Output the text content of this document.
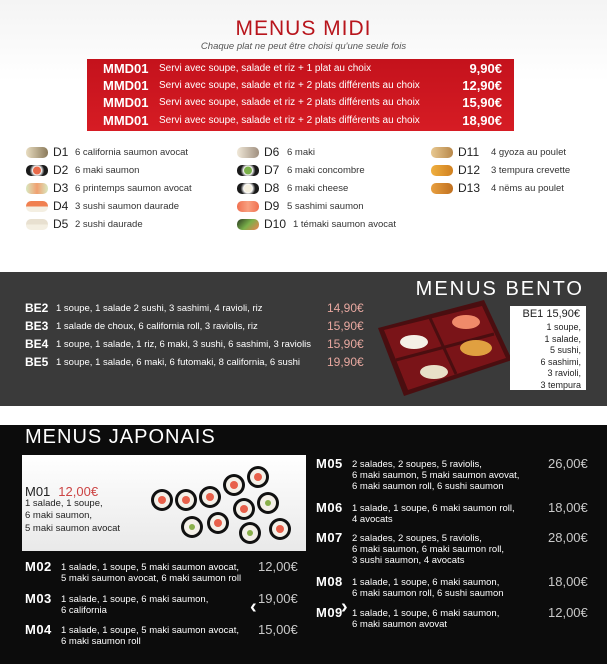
MENUS MIDI
Chaque plat ne peut être choisi qu'une seule fois
MMD01 Servi avec soupe, salade et riz + 1 plat au choix	9,90€
MMD01 Servi avec soupe, salade et riz + 2 plats différents au choix	12,90€
MMD01 Servi avec soupe, salade et riz + 2 plats différents au choix	15,90€
MMD01 Servi avec soupe, salade et riz + 2 plats différents au choix	18,90€
D1 6 california saumon avocat
D2 6 maki saumon
D3 6 printemps saumon avocat
D4 3 sushi saumon daurade
D5 2 sushi daurade
D6 6 maki
D7 6 maki concombre
D8 6 maki cheese
D9 5 sashimi saumon
D10 1 témaki saumon avocat
D11 4 gyoza au poulet
D12 3 tempura crevette
D13 4 nëms au poulet
MENUS BENTO
BE2 1 soupe, 1 salade 2 sushi, 3 sashimi, 4 ravioli, riz	14,90€
BE3 1 salade de choux, 6 california roll, 3 raviolis, riz	15,90€
BE4 1 soupe, 1 salade, 1 riz, 6 maki, 3 sushi, 6 sashimi, 3 raviolis 15,90€
BE5 1 soupe, 1 salade, 6 maki, 6 futomaki, 8 california, 6 sushi 19,90€
BE1 15,90€
1 soupe,
1 salade,
5 sushi,
6 sashimi,
3 ravioli,
3 tempura
MENUS JAPONAIS
M01 12,00€
1 salade, 1 soupe,
6 maki saumon,
5 maki saumon avocat
M02 1 salade, 1 soupe, 5 maki saumon avocat,
5 maki saumon avocat, 6 maki saumon roll
12,00€
M03 1 salade, 1 soupe, 6 maki saumon,
6 california
19,00€
M04 1 salade, 1 soupe, 5 maki saumon avocat,
6 maki saumon roll
15,00€
M05 2 salades, 2 soupes, 5 raviolis,
6 maki saumon, 5 maki saumon avovat,
6 maki saumon roll, 6 sushi saumon
26,00€
M06 1 salade, 1 soupe, 6 maki saumon roll,
4 avocats
18,00€
M07 2 salades, 2 soupes, 5 raviolis,
6 maki saumon, 6 maki saumon roll,
3 sushi saumon, 4 avocats
28,00€
M08 1 salade, 1 soupe, 6 maki saumon,
6 maki saumon roll, 6 sushi saumon
18,00€
M09 1 salade, 1 soupe, 6 maki saumon,
6 maki saumon avovat
12,00€
‹	›
